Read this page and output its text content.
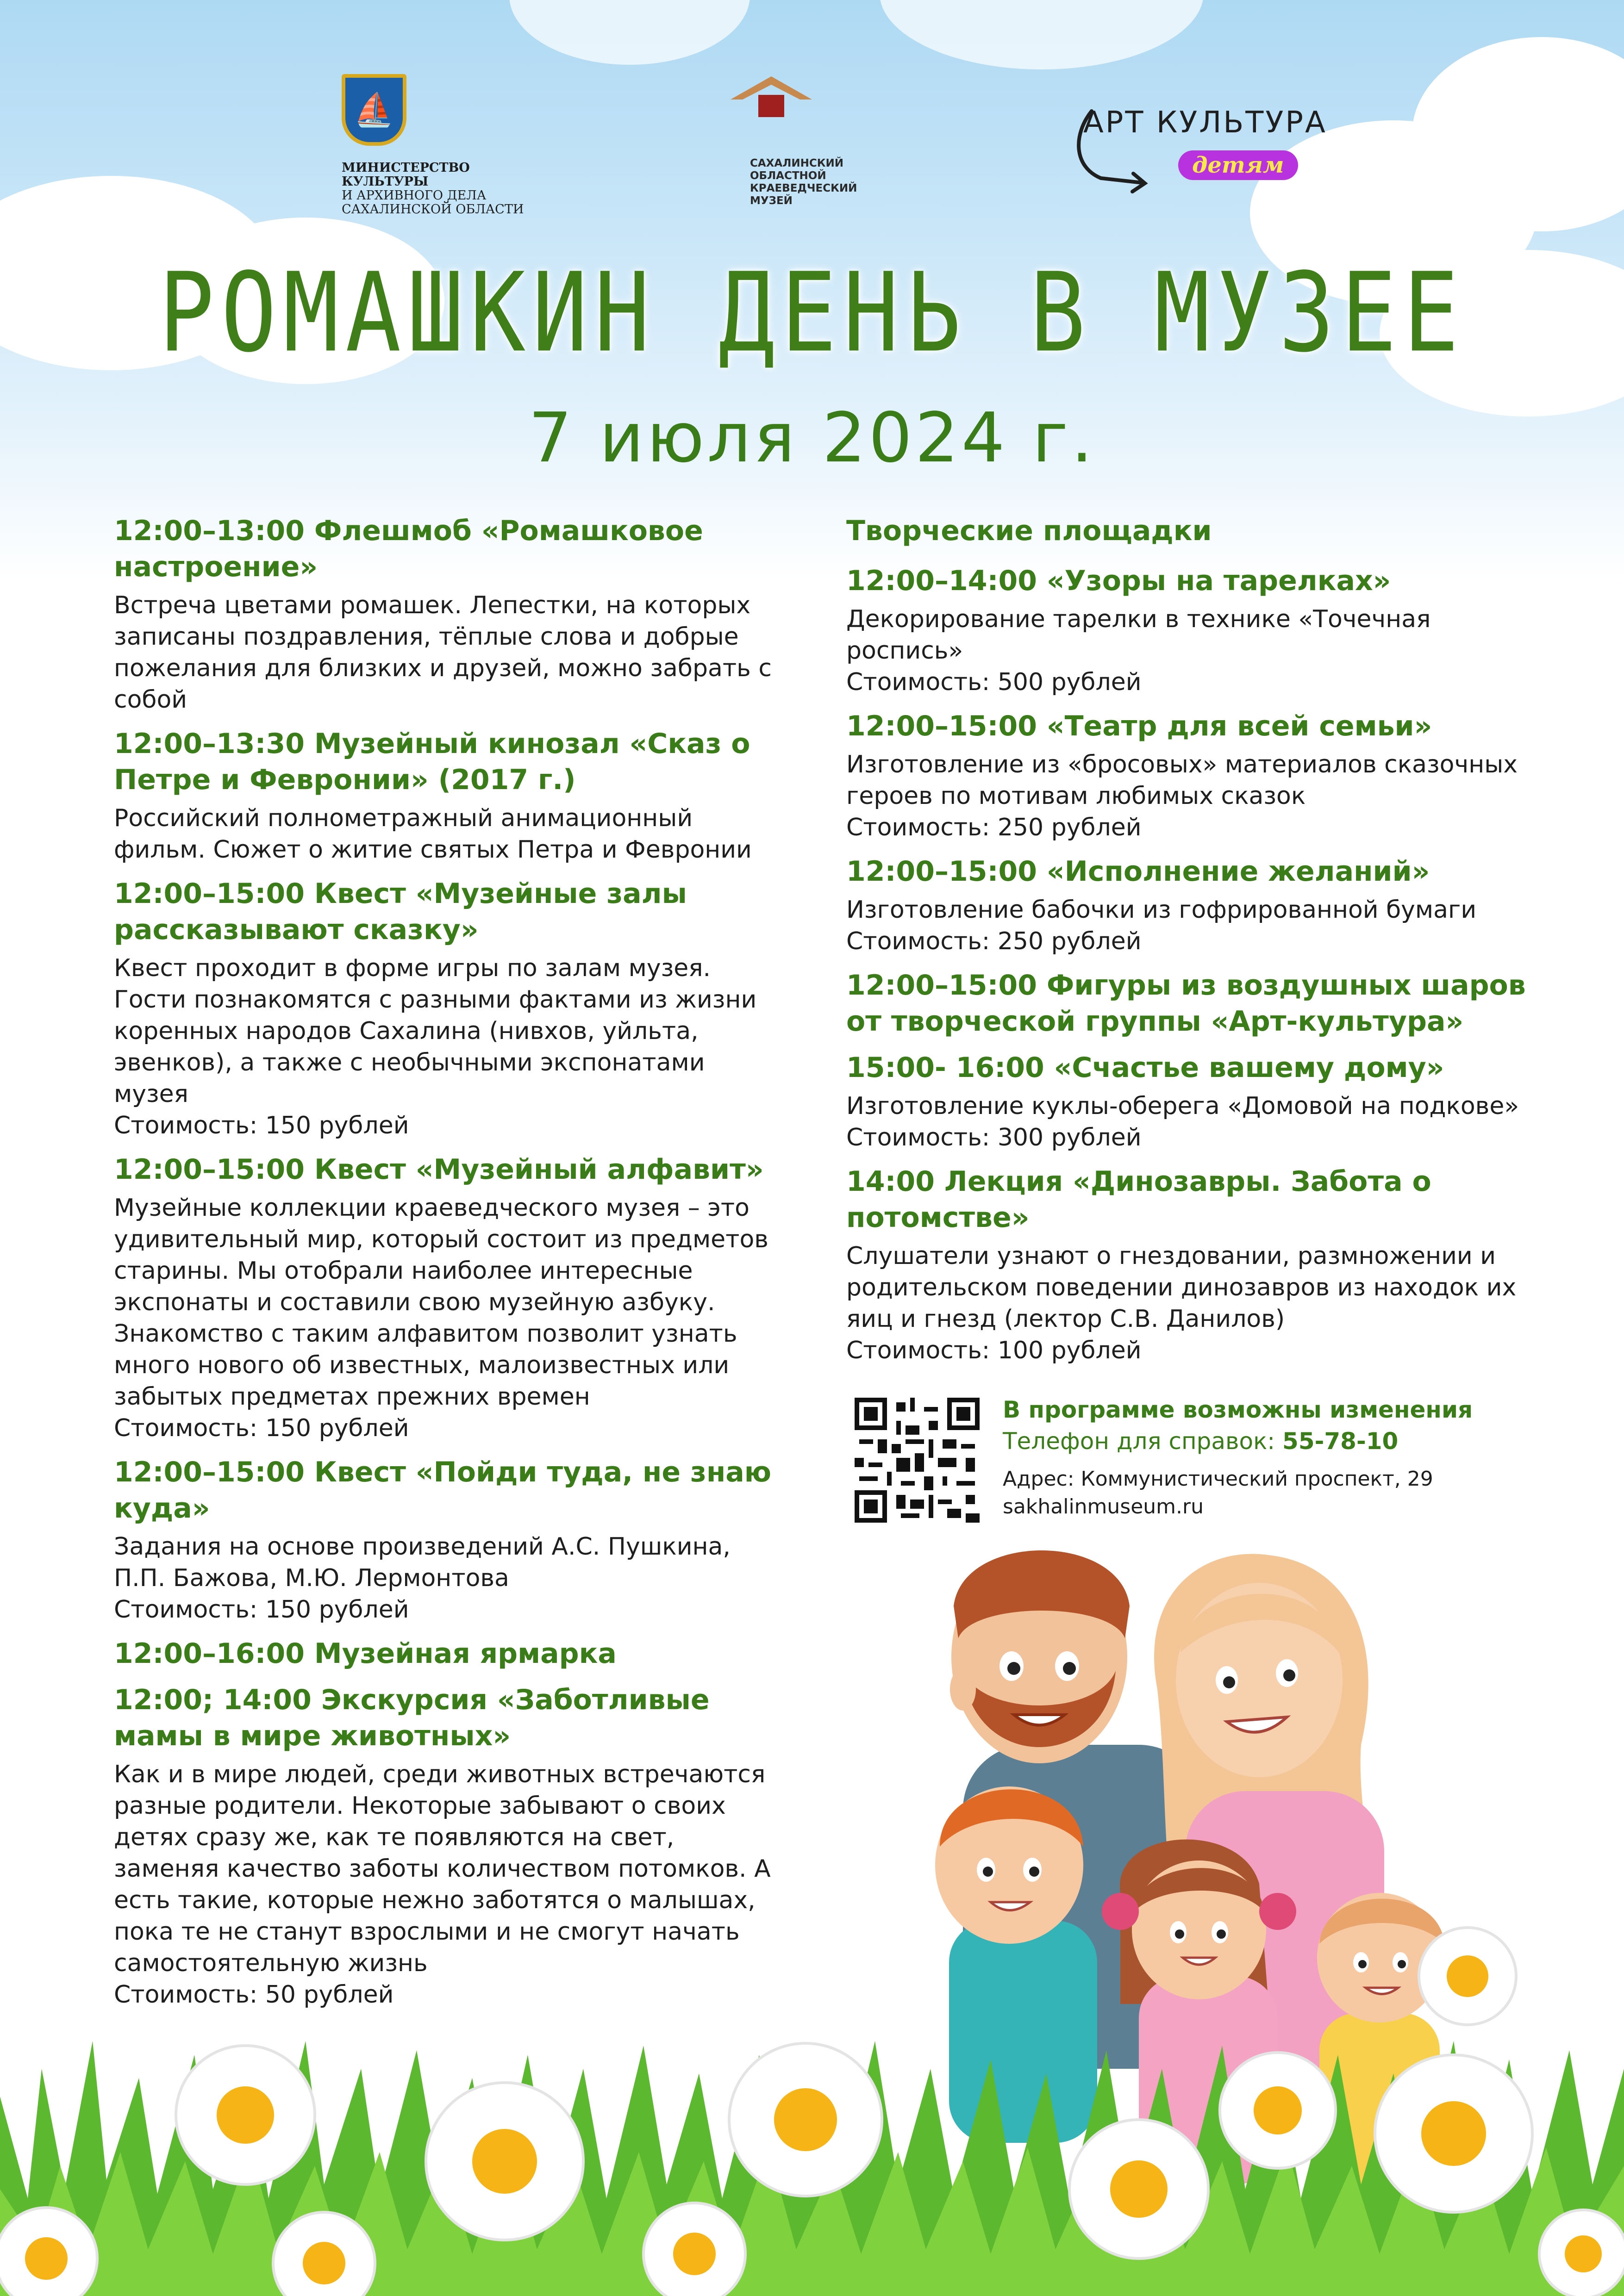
⛵
МИНИСТЕРСТВО КУЛЬТУРЫ
И АРХИВНОГО ДЕЛА
САХАЛИНСКОЙ ОБЛАСТИ
САХАЛИНСКИЙ
ОБЛАСТНОЙ
КРАЕВЕДЧЕСКИЙ
МУЗЕЙ
АРТ КУЛЬТУРА
детям
РОМАШКИН ДЕНЬ В МУЗЕЕ
7 июля 2024 г.
12:00–13:00 Флешмоб «Ромашковое настроение»

Встреча цветами ромашек. Лепестки, на которых записаны поздравления, тёплые слова и добрые пожелания для близких и друзей, можно забрать с собой

12:00–13:30 Музейный кинозал «Сказ о Петре и Февронии» (2017 г.)

Российский полнометражный анимационный фильм. Сюжет о житие святых Петра и Февронии

12:00–15:00 Квест «Музейные залы рассказывают сказку»

Квест проходит в форме игры по залам музея. Гости познакомятся с разными фактами из жизни коренных народов Сахалина (нивхов, уйльта, эвенков), а также с необычными экспонатами музея

Стоимость: 150 рублей

12:00–15:00 Квест «Музейный алфавит»

Музейные коллекции краеведческого музея – это удивительный мир, который состоит из предметов старины. Мы отобрали наиболее интересные экспонаты и составили свою музейную азбуку. Знакомство с таким алфавитом позволит узнать много нового об известных, малоизвестных или забытых предметах прежних времен

Стоимость: 150 рублей

12:00–15:00 Квест «Пойди туда, не знаю куда»

Задания на основе произведений А.С. Пушкина, П.П. Бажова, М.Ю. Лермонтова

Стоимость: 150 рублей

12:00–16:00 Музейная ярмарка
12:00; 14:00 Экскурсия «Заботливые мамы в мире животных»

Как и в мире людей, среди животных встречаются разные родители. Некоторые забывают о своих детях сразу же, как те появляются на свет, заменяя качество заботы количеством потомков. А есть такие, которые нежно заботятся о малышах, пока те не станут взрослыми и не смогут начать самостоятельную жизнь

Стоимость: 50 рублей

Творческие площадки
12:00–14:00 «Узоры на тарелках»

Декорирование тарелки в технике «Точечная роспись»

Стоимость: 500 рублей

12:00–15:00 «Театр для всей семьи»

Изготовление из «бросовых» материалов сказочных героев по мотивам любимых сказок

Стоимость: 250 рублей

12:00–15:00 «Исполнение желаний»

Изготовление бабочки из гофрированной бумаги

Стоимость: 250 рублей

12:00–15:00 Фигуры из воздушных шаров от творческой группы «Арт-культура»
15:00- 16:00 «Счастье вашему дому»

Изготовление куклы-оберега «Домовой на подкове»

Стоимость: 300 рублей

14:00 Лекция «Динозавры. Забота о потомстве»

Слушатели узнают о гнездовании, размножении и родительском поведении динозавров из находок их яиц и гнезд (лектор С.В. Данилов)

Стоимость: 100 рублей

В программе возможны изменения

Телефон для справок: 55-78-10

Адрес: Коммунистический проспект, 29

sakhalinmuseum.ru
